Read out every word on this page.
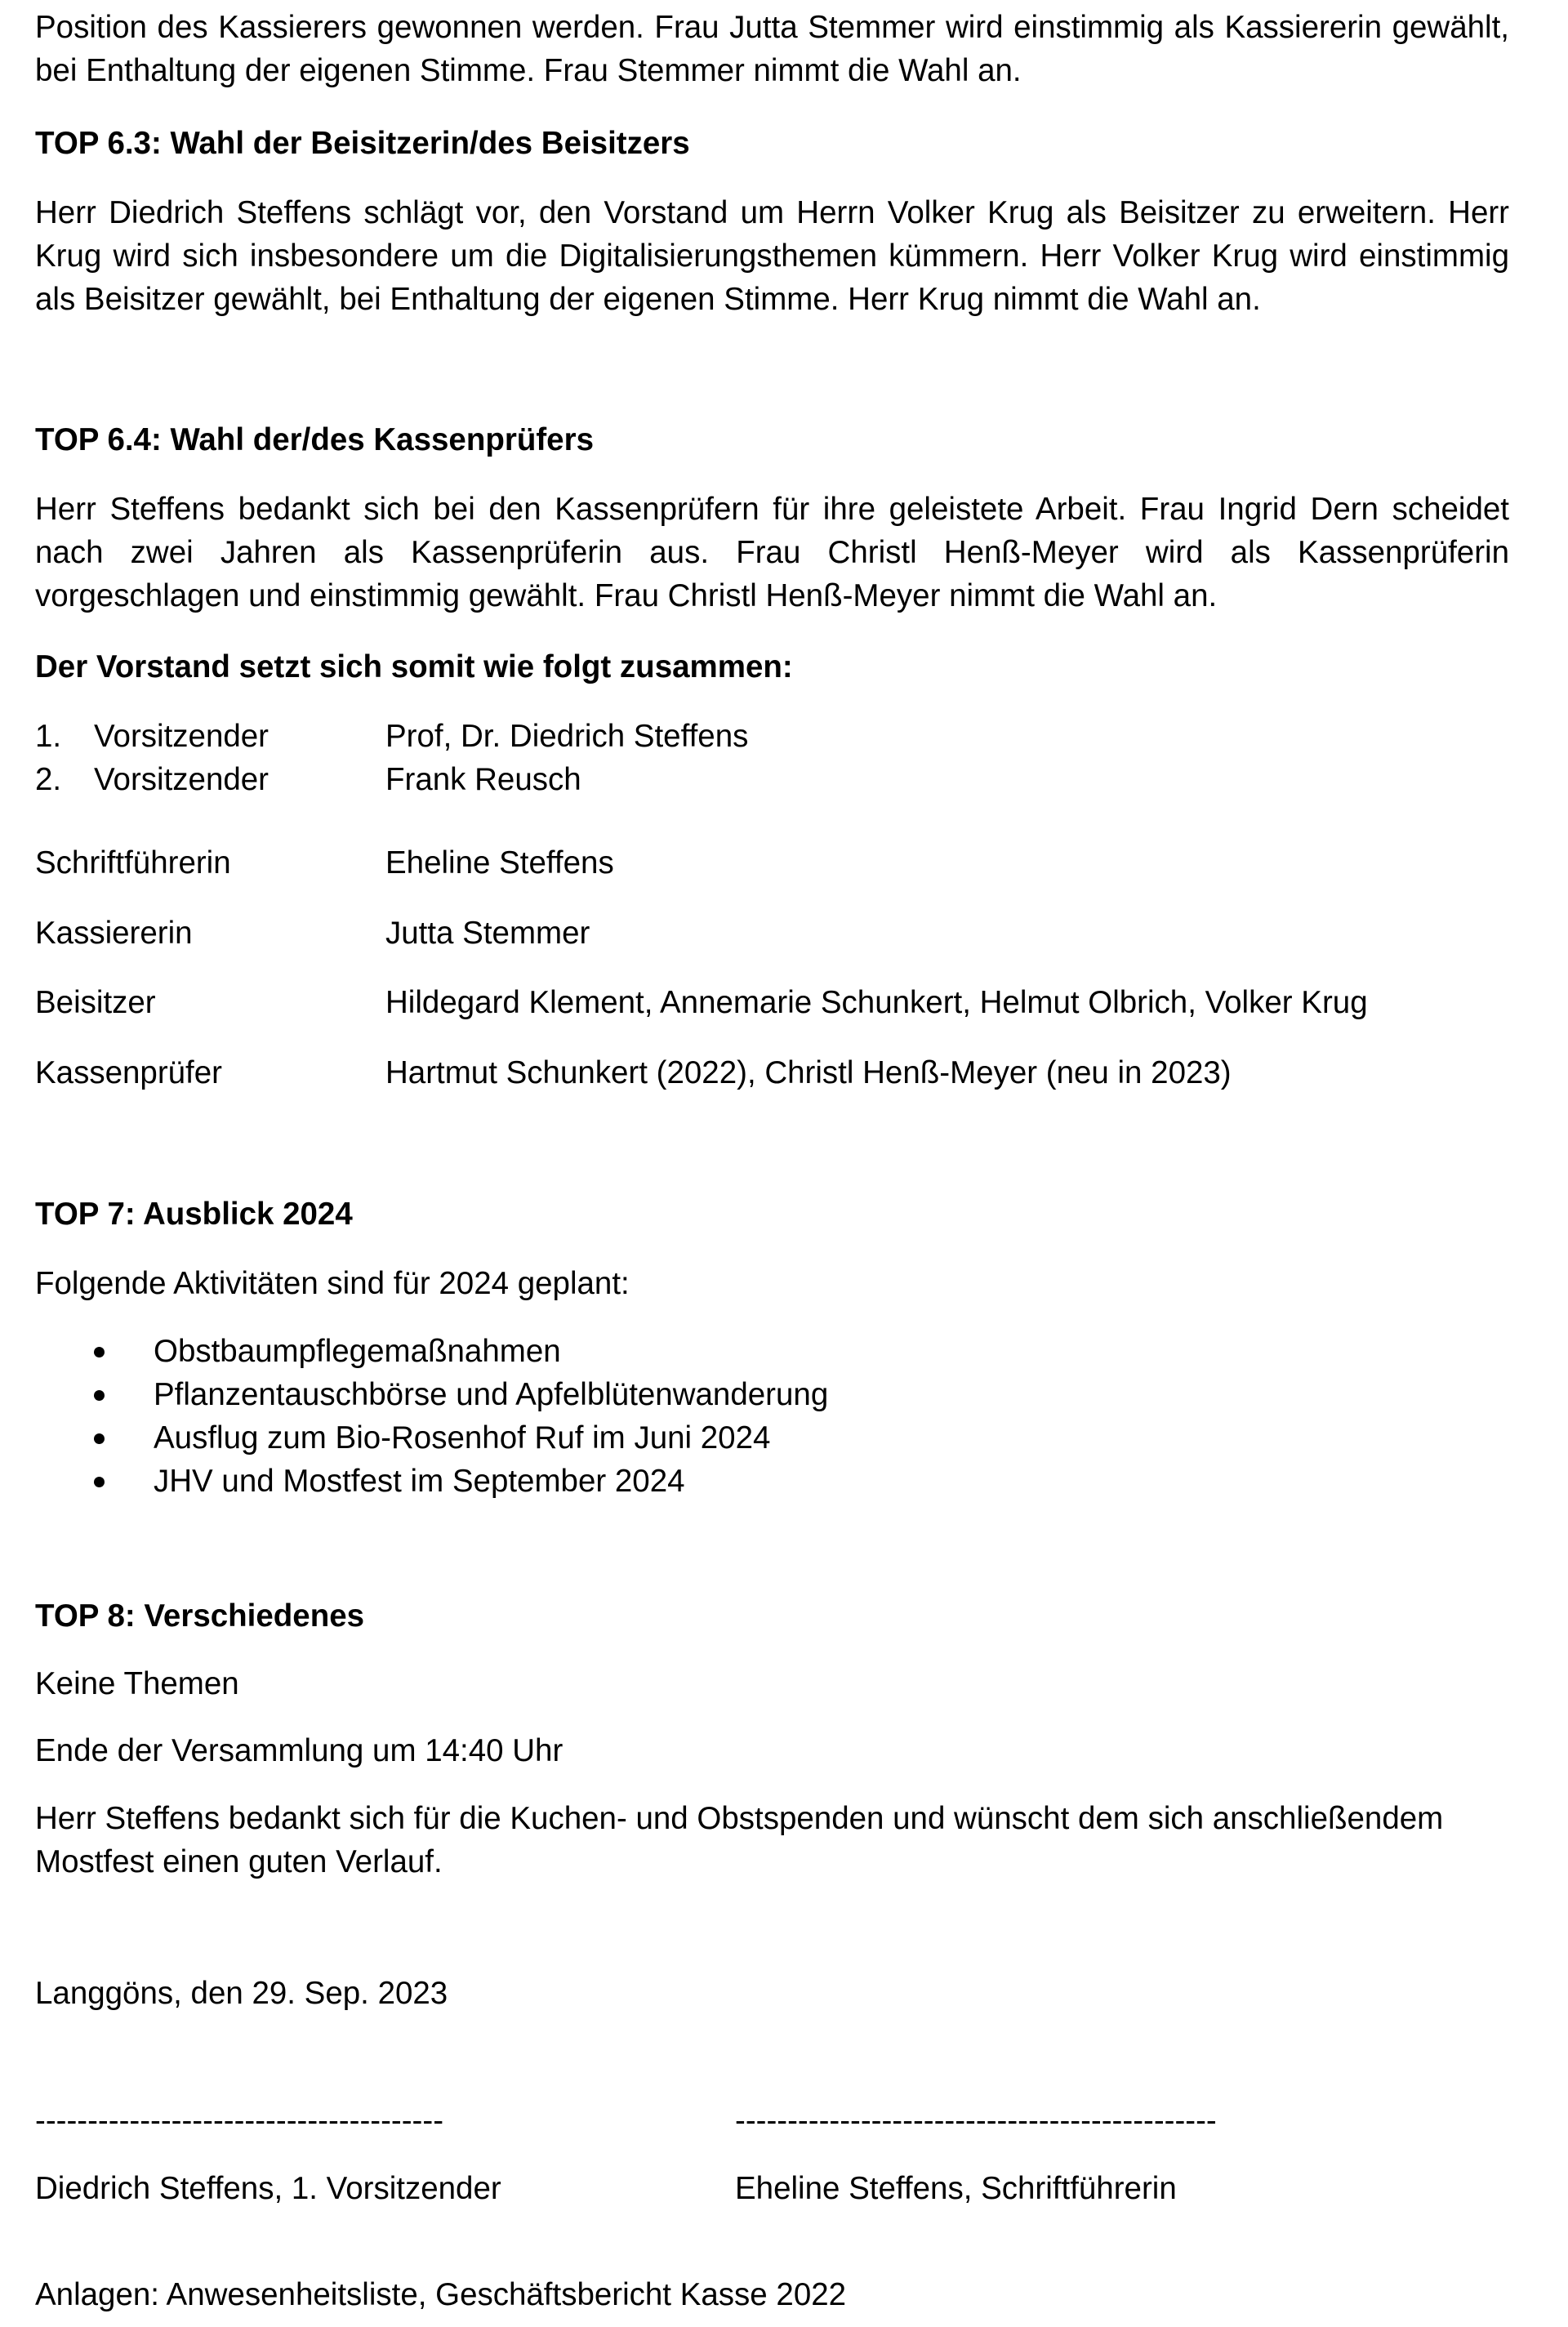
Position des Kassierers gewonnen werden. Frau Jutta Stemmer wird einstimmig als Kassiererin gewählt, bei Enthaltung der eigenen Stimme. Frau Stemmer nimmt die Wahl an.

TOP 6.3: Wahl der Beisitzerin/des Beisitzers

Herr Diedrich Steffens schlägt vor, den Vorstand um Herrn Volker Krug als Beisitzer zu erweitern. Herr Krug wird sich insbesondere um die Digitalisierungsthemen kümmern. Herr Volker Krug wird einstimmig als Beisitzer gewählt, bei Enthaltung der eigenen Stimme. Herr Krug nimmt die Wahl an.

TOP 6.4: Wahl der/des Kassenprüfers

Herr Steffens bedankt sich bei den Kassenprüfern für ihre geleistete Arbeit. Frau Ingrid Dern scheidet nach zwei Jahren als Kassenprüferin aus. Frau Christl Henß-Meyer wird als Kassenprüferin vorgeschlagen und einstimmig gewählt. Frau Christl Henß-Meyer nimmt die Wahl an.

Der Vorstand setzt sich somit wie folgt zusammen:

1. Vorsitzender	Prof, Dr. Diedrich Steffens
2. Vorsitzender	Frank Reusch
Schriftführerin	Eheline Steffens
Kassiererin	Jutta Stemmer
Beisitzer	Hildegard Klement, Annemarie Schunkert, Helmut Olbrich, Volker Krug
Kassenprüfer	Hartmut Schunkert (2022), Christl Henß-Meyer (neu in 2023)

TOP 7: Ausblick 2024

Folgende Aktivitäten sind für 2024 geplant:

Obstbaumpflegemaßnahmen
Pflanzentauschbörse und Apfelblütenwanderung
Ausflug zum Bio-Rosenhof Ruf im Juni 2024
JHV und Mostfest im September 2024

TOP 8: Verschiedenes

Keine Themen

Ende der Versammlung um 14:40 Uhr

Herr Steffens bedankt sich für die Kuchen- und Obstspenden und wünscht dem sich anschließendem Mostfest einen guten Verlauf.

Langgöns, den 29. Sep. 2023

---------------------------------------	----------------------------------------------
Diedrich Steffens, 1. Vorsitzender	Eheline Steffens, Schriftführerin

Anlagen: Anwesenheitsliste, Geschäftsbericht Kasse 2022
